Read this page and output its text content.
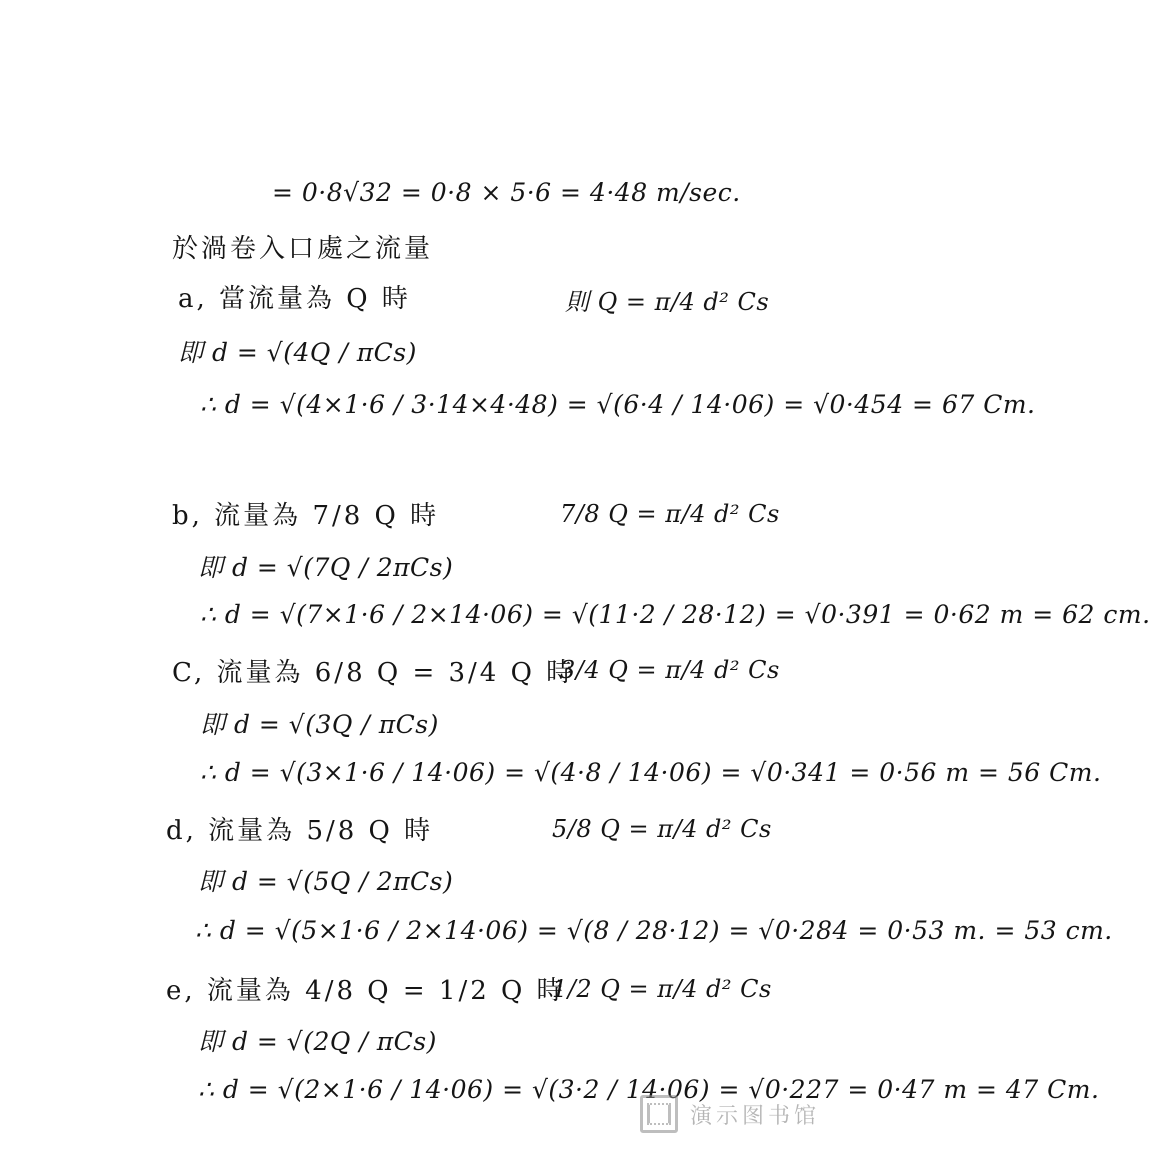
= 0·8√32 = 0·8 × 5·6 = 4·48 m/sec.
於渦卷入口處之流量
a, 當流量為 Q 時	則 Q = π/4 d² Cs
即 d = √(4Q / πCs)
∴ d = √(4×1·6 / 3·14×4·48) = √(6·4 / 14·06) = √0·454 = 67 Cm.
b, 流量為 7/8 Q 時	7/8 Q = π/4 d² Cs
即 d = √(7Q / 2πCs)
∴ d = √(7×1·6 / 2×14·06) = √(11·2 / 28·12) = √0·391 = 0·62 m = 62 cm.
C, 流量為 6/8 Q = 3/4 Q 時
3/4 Q = π/4 d² Cs
即 d = √(3Q / πCs)
∴ d = √(3×1·6 / 14·06) = √(4·8 / 14·06) = √0·341 = 0·56 m = 56 Cm.
d, 流量為 5/8 Q 時	5/8 Q = π/4 d² Cs
即 d = √(5Q / 2πCs)
∴ d = √(5×1·6 / 2×14·06) = √(8 / 28·12) = √0·284 = 0·53 m. = 53 cm.
e, 流量為 4/8 Q = 1/2 Q 時
1/2 Q = π/4 d² Cs
即 d = √(2Q / πCs)
∴ d = √(2×1·6 / 14·06) = √(3·2 / 14·06) = √0·227 = 0·47 m = 47 Cm.
演示图书馆
